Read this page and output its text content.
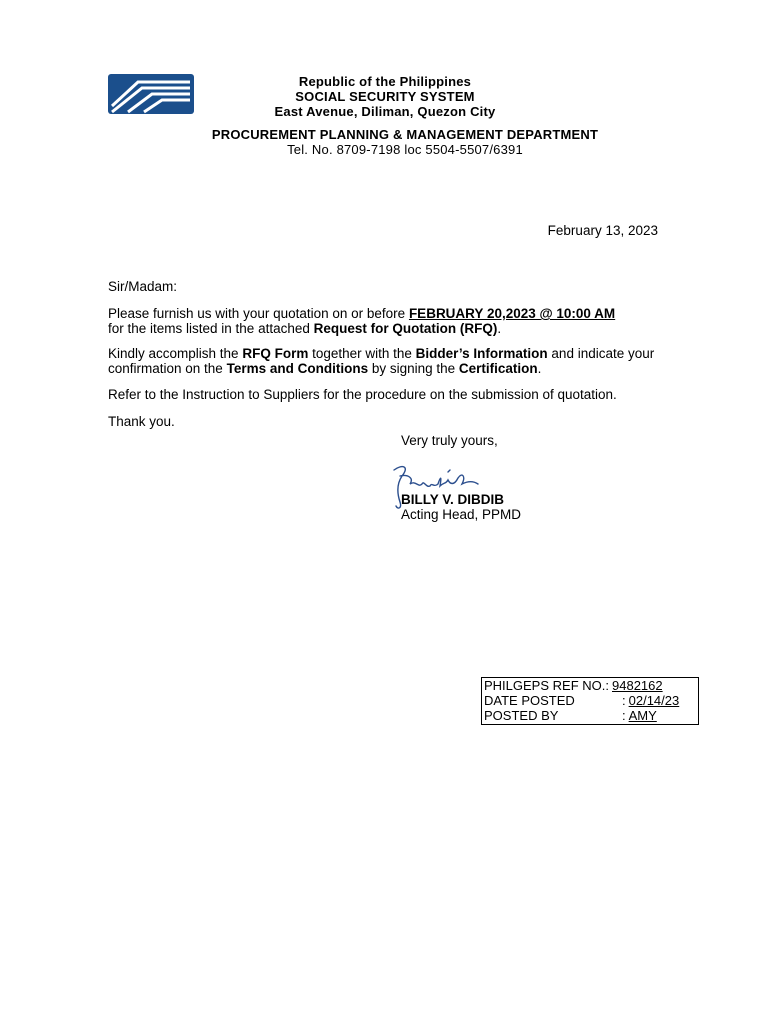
Republic of the Philippines
SOCIAL SECURITY SYSTEM
East Avenue, Diliman, Quezon City
PROCUREMENT PLANNING & MANAGEMENT DEPARTMENT
Tel. No. 8709-7198 loc 5504-5507/6391
February 13, 2023
Sir/Madam:
Please furnish us with your quotation on or before FEBRUARY 20,2023 @ 10:00 AM
for the items listed in the attached Request for Quotation (RFQ).
Kindly accomplish the RFQ Form together with the Bidder’s Information and indicate your confirmation on the Terms and Conditions by signing the Certification.
Refer to the Instruction to Suppliers for the procedure on the submission of quotation.
Thank you.
Very truly yours,
BILLY V. DIBDIB
Acting Head, PPMD
PHILGEPS REF NO. : 9482162
DATE POSTED	: 02/14/23
POSTED BY	: AMY
